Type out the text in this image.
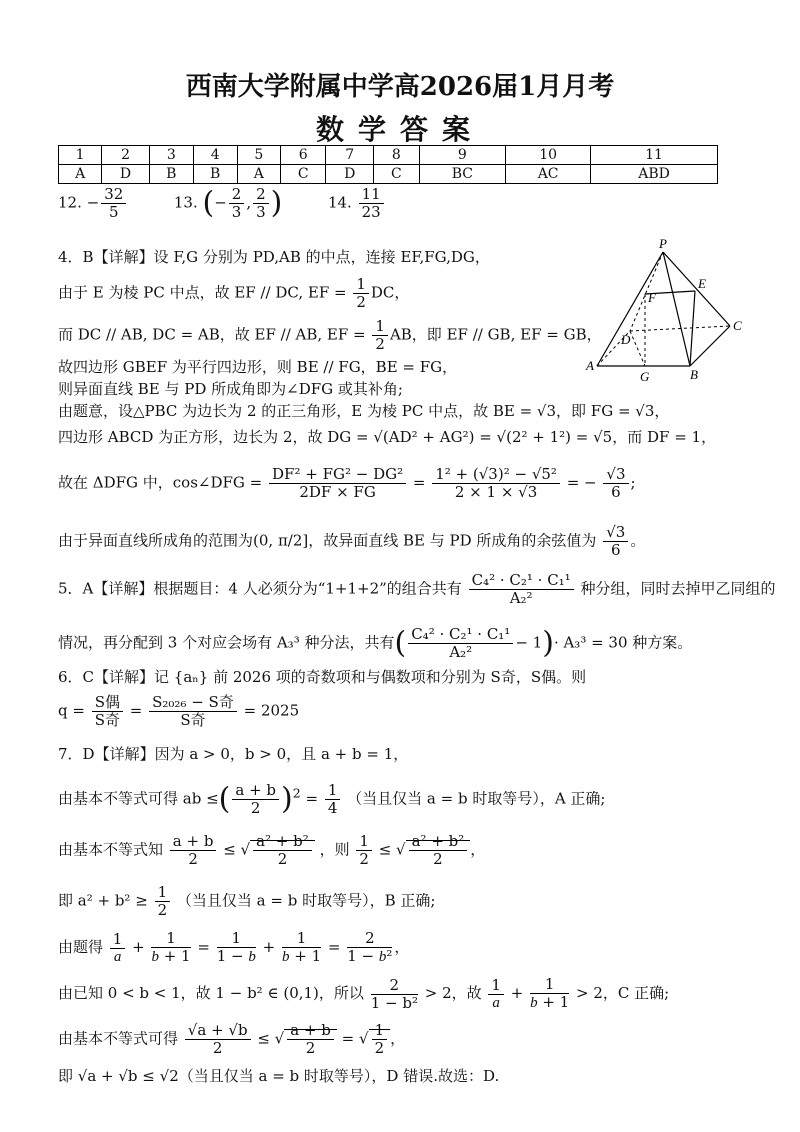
西南大学附属中学高2026届1月月考
数学答案
1	2	3	4	5	6	7	8	9	10	11
A	D	B	B	A	C	D	C	BC	AC	ABD
12. − $\frac{32}{5}$	13. (− $\frac{2}{3}$ , $\frac{2}{3}$ )	14. $\frac{11}{23}$
P
E
F
C
D
A
G	B
4．B【详解】设 F,G 分别为 PD,AB 的中点，连接 EF,FG,DG，
由于 E 为棱 PC 中点，故 EF // DC, EF = $\frac{1}{2}$ DC，
而 DC // AB, DC = AB，故 EF // AB, EF = $\frac{1}{2}$ AB，即 EF // GB, EF = GB，
故四边形 GBEF 为平行四边形，则 BE // FG，BE = FG，
则异面直线 BE 与 PD 所成角即为∠DFG 或其补角;
由题意，设△PBC 为边长为 2 的正三角形，E 为棱 PC 中点，故 BE = √3，即 FG = √3，
四边形 ABCD 为正方形，边长为 2，故 DG = √(AD² + AG²) = √(2² + 1²) = √5，而 DF = 1，
故在 ΔDFG 中，cos∠DFG = $\frac{\text{DF² + FG² − DG²}}{2DF \times FG} = \frac{\text{1² + (√3)² − √5²}}{2 \times 1 \times √3}$ = − $\frac{√3}{6}$ ;
由于异面直线所成角的范围为(0, π/2]，故异面直线 BE 与 PD 所成角的余弦值为 $\frac{√3}{6}$ 。
5．A【详解】根据题目：4 人必须分为“1+1+2”的组合共有 $\frac{\text{C₄² · C₂¹ · C₁¹}}{\text{A₂²}}$ 种分组，同时去掉甲乙同组的
情况，再分配到 3 个对应会场有 A₃³ 种分法，共有( $\frac{\text{C₄² · C₂¹ · C₁¹}}{\text{A₂²}} - 1)\cdot A_3^3 = 30$ 种方案。
6．C【详解】记 {aₙ} 前 2026 项的奇数项和与偶数项和分别为 S奇，S偶。则
$q = \frac{\text{S偶}}{\text{S奇}} = \frac{\text{S₂₀₂₆ − S奇}}{\text{S奇}} = 2025$
7．D【详解】因为 a > 0，b > 0，且 a + b = 1，
由基本不等式可得 ab ≤( $\frac{a + b}{2} )^2 = \frac{1}{4}$ （当且仅当 a = b 时取等号），A 正确;
由基本不等式知 $\frac{a + b}{2}$ ≤ √ $\frac{\text{a² + b²}}{2}$ ，则 $\frac{1}{2}$ ≤ √ $\frac{\text{a² + b²}}{2}$ ，
即 $a^2 + b^2 \ge \frac{1}{2}$ （当且仅当 a = b 时取等号），B 正确;
由题得 $\frac{1}{a} + \frac{1}{b + 1} = \frac{1}{1 - b} + \frac{1}{b + 1} = \frac{2}{\text{1 − b²}}$ ，
由已知 0 < b < 1，故 1 − b² ∈ (0,1)，所以 $\frac{2}{\text{1 − b²}} > 2$，故 $\frac{1}{a} + \frac{1}{b + 1} > 2$，C 正确;
由基本不等式可得 $\frac{√a + √b}{2}$ ≤ √ $\frac{a + b}{2}$ = √ $\frac{1}{2}$ ，
即 √a + √b ≤ √2（当且仅当 a = b 时取等号），D 错误.故选：D.
